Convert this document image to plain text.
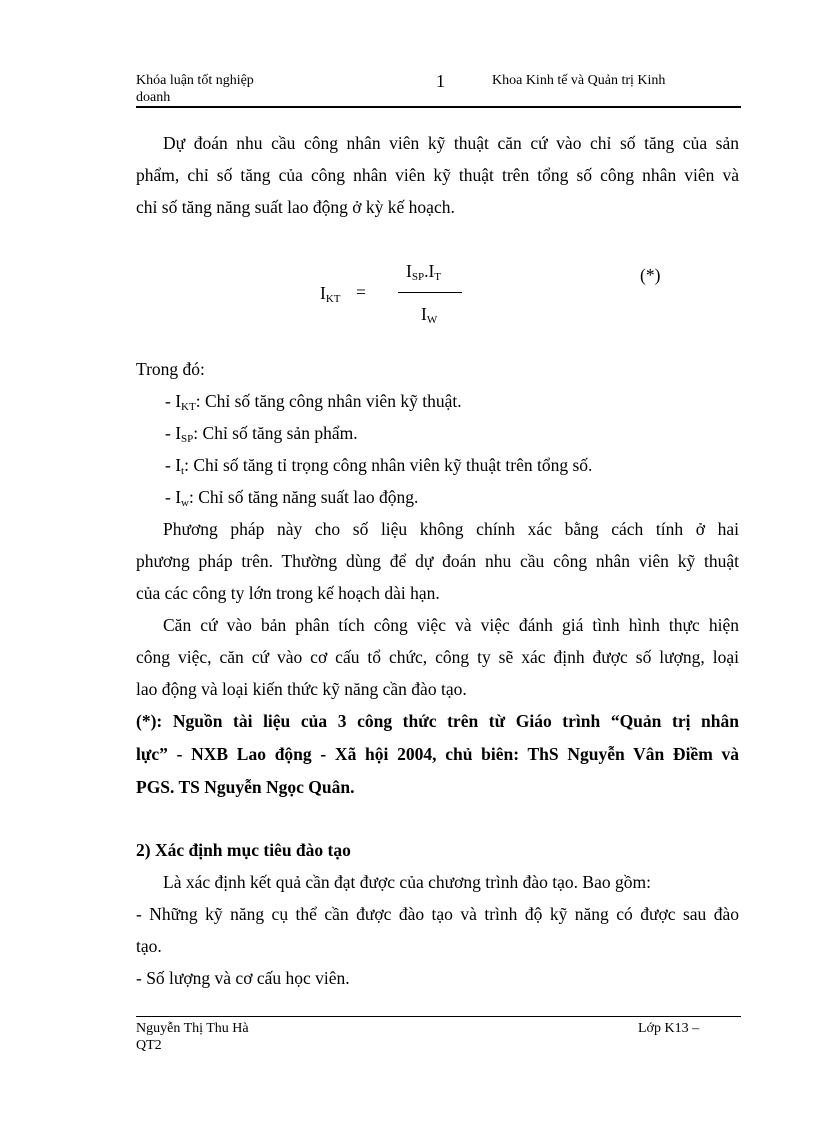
Khóa luận tốt nghiệp
doanh
1	Khoa Kinh tế và Quản trị Kinh
Dự đoán nhu cầu công nhân viên kỹ thuật căn cứ vào chỉ số tăng của sản
phẩm, chỉ số tăng của công nhân viên kỹ thuật trên tổng số công nhân viên và
chỉ số tăng năng suất lao động ở kỳ kế hoạch.
$I_{KT}$ =
$I_{SP}.I_T$
$I_W$
(*)
Trong đó:
- $I_{KT}$: Chỉ số tăng công nhân viên kỹ thuật.
- $I_{SP}$: Chỉ số tăng sản phẩm.
- $I_t$: Chỉ số tăng tỉ trọng công nhân viên kỹ thuật trên tổng số.
- $I_w$: Chỉ số tăng năng suất lao động.
Phương pháp này cho số liệu không chính xác bằng cách tính ở hai
phương pháp trên. Thường dùng để dự đoán nhu cầu công nhân viên kỹ thuật
của các công ty lớn trong kế hoạch dài hạn.
Căn cứ vào bản phân tích công việc và việc đánh giá tình hình thực hiện
công việc, căn cứ vào cơ cấu tổ chức, công ty sẽ xác định được số lượng, loại
lao động và loại kiến thức kỹ năng cần đào tạo.
(*): Nguồn tài liệu của 3 công thức trên từ Giáo trình “Quản trị nhân
lực” - NXB Lao động - Xã hội 2004, chủ biên: ThS Nguyễn Vân Điềm và
PGS. TS Nguyễn Ngọc Quân.
2) Xác định mục tiêu đào tạo
Là xác định kết quả cần đạt được của chương trình đào tạo. Bao gồm:
- Những kỹ năng cụ thể cần được đào tạo và trình độ kỹ năng có được sau đào
tạo.
- Số lượng và cơ cấu học viên.
Nguyễn Thị Thu Hà
QT2
Lớp K13 –
